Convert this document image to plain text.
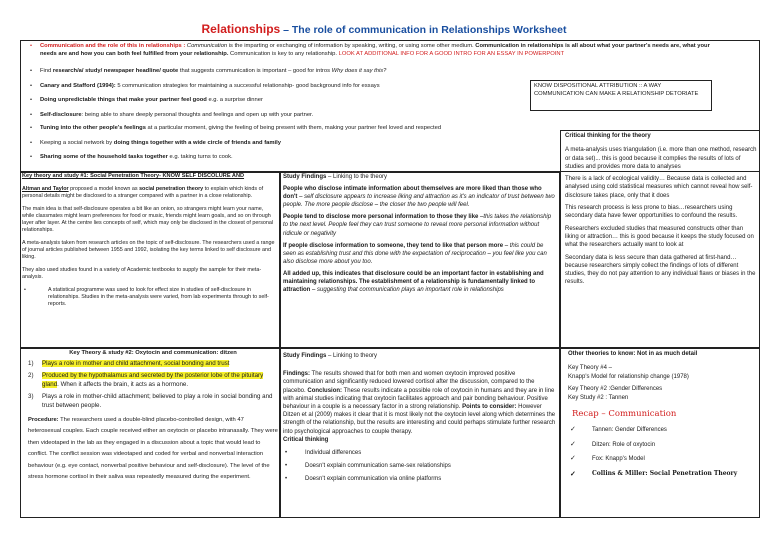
Relationships – The role of communication in Relationships Worksheet
• Communication and the role of this in relationships : Communication is the imparting or exchanging of information by speaking, writing, or using some other medium. Communication in relationships is all about what your partner's needs are, what your needs are and how you can both feel fulfilled from your relationship. Communication is key to any relationship. LOOK AT ADDITIONAL INFO FOR A GOOD INTRO FOR AN ESSAY IN POWERPOINT
• Find research/a/ study/ newspaper headline/ quote that suggests communication is important – good for intros Why does it say this?
• Canary and Stafford (1994): 5 communication strategies for maintaining a successful relationship- good background info for essays
• Doing unpredictable things that make your partner feel good e.g. a surprise dinner
• Self-disclosure: being able to share deeply personal thoughts and feelings and open up with your partner.
• Tuning into the other people's feelings at a particular moment, giving the feeling of being present with them, making your partner feel loved and respected
• Keeping a social network by doing things together with a wide circle of friends and family
• Sharing some of the household tasks together e.g. taking turns to cook.
KNOW DISPOSITIONAL ATTRIBUTION :: A WAY COMMUNICATION CAN MAKE A RELATIONSHIP DETORIATE
Key theory and study #1: Social Penetration Theory- KNOW SELF DISCOLURE AND
Altman and Taylor proposed a model known as social penetration theory to explain which kinds of personal details might be disclosed to a stranger compared with a partner in a close relationship.
The main idea is that self-disclosure operates a bit like an onion, so strangers might learn your name, while classmates might learn preferences for food or music, friends might learn goals, and so on through layer after layer. At the centre lies concepts of self, which may only be disclosed in the closest of personal relationships.
A meta-analysis taken from research articles on the topic of self-disclosure. The researchers used a range of journal articles published between 1955 and 1992, isolating the key terms linked to self disclosure and liking.
They also used studies found in a variety of Academic textbooks to supply the sample for their meta-analysis.
• A statistical programme was used to look for effect size in studies of self-disclosure in relationships. Studies in the meta-analysis were varied, from lab experiments through to self-reports.
Study Findings – Linking to the theory
People who disclose intimate information about themselves are more liked than those who don't – self disclosure appears to increase liking and attraction as it's an indicator of trust between two people. The more people disclose – the closer the two people will feel.
People tend to disclose more personal information to those they like –this takes the relationship to the next level. People feel they can trust someone to reveal more personal information without ridicule or negativity
If people disclose information to someone, they tend to like that person more – this could be seen as establishing trust and this done with the expectation of reciprocation – you feel like you can also disclose more about you too.
All added up, this indicates that disclosure could be an important factor in establishing and maintaining relationships. The establishment of a relationship is fundamentally linked to attraction – suggesting that communication plays an important role in relationships
Critical thinking for the theory
A meta-analysis uses triangulation (i.e. more than one method, research or data set)... this is good because it complies the results of lots of studies and provides more data to analyses
There is a lack of ecological validity… Because data is collected and analysed using cold statistical measures which cannot reveal how self-disclosure takes place, only that it does
This research process is less prone to bias…researchers using secondary data have fewer opportunities to confound the results.
Researchers excluded studies that measured constructs other than liking or attraction… this is good because it keeps the study focused on what the researchers actually want to look at
Secondary data is less secure than data gathered at first-hand… because researchers simply collect the findings of lots of different studies, they do not pay attention to any individual flaws or biases in the results.
Key Theory & study #2: Oxytocin and communication: ditzen
1) Plays a role in mother and child attachment, social bonding and trust
2) Produced by the hypothalamus and secreted by the posterior lobe of the pituitary gland. When it affects the brain, it acts as a hormone.
3) Plays a role in mother-child attachment; believed to play a role in social bonding and trust between people.
Procedure: The researchers used a double-blind placebo-controlled design, with 47 heterosexual couples. Each couple received either an oxytocin or placebo intranasally. They were then videotaped in the lab as they engaged in a discussion about a topic that would lead to conflict. The conflict session was videotaped and coded for verbal and nonverbal interaction behaviour (e.g. eye contact, nonverbal positive behaviour and self-disclosure). The level of the stress hormone cortisol in their saliva was repeatedly measured during the experiment.
Study Findings – Linking to theory
Findings: The results showed that for both men and women oxytocin improved positive communication and significantly reduced lowered cortisol after the discussion, compared to the placebo. Conclusion: These results indicate a possible role of oxytocin in humans and they are in line with animal studies indicating that oxytocin facilitates approach and pair bonding behaviour. Positive behaviour in a couple is a necessary factor in a strong relationship. Points to consider: However Ditzen et al (2009) makes it clear that it is most likely not the oxytocin level along which determines the strength of the relationship, but the results are interesting and could perhaps stimulate further research into psychological approaches to couple therapy.
Critical thinking
• Individual differences
• Doesn't explain communication same-sex relationships
• Doesn't explain communication via online platforms
Other theories to know: Not in as much detail
Key Theory #4 –
Knapp's Model for relationship change (1978)
Key Theory #2 :Gender Differences
Key Study #2 : Tannen
Recap – Communication
✓ Tannen: Gender Differences
✓ Ditzen: Role of oxytocin
✓ Fox: Knapp's Model
✓ Collins & Miller: Social Penetration Theory
